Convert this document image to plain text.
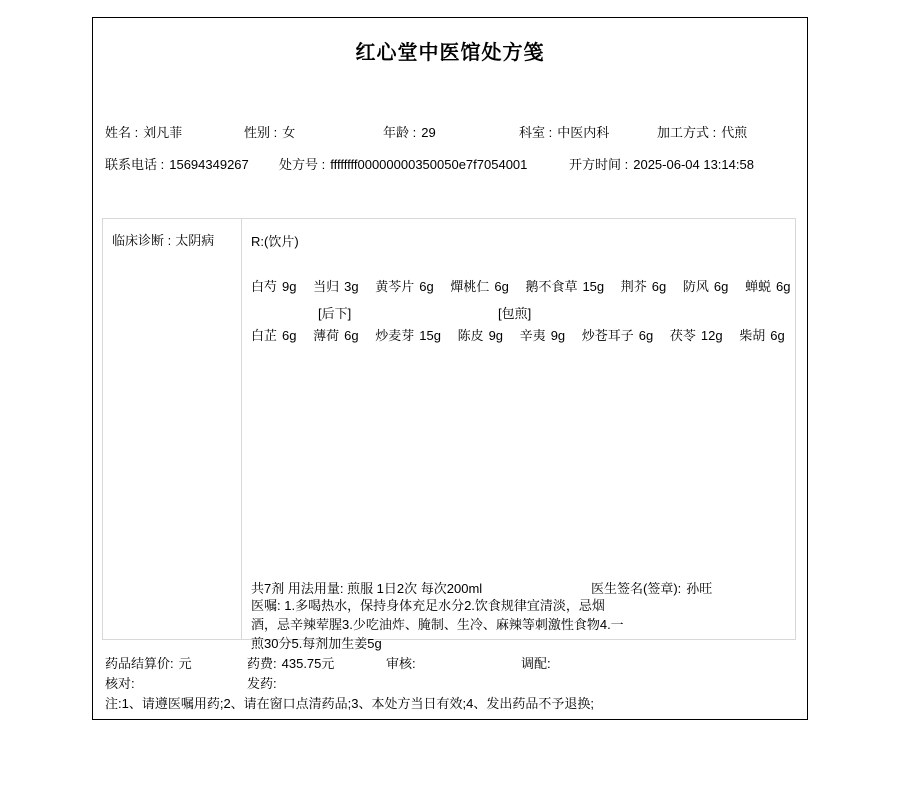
红心堂中医馆处方笺
姓名 : 刘凡菲	性别 : 女	年龄 : 29	科室 : 中医内科	加工方式 : 代煎
联系电话 : 15694349267 处方号 : ffffffff00000000350050e7f7054001	开方时间 : 2025-06-04 13:14:58
临床诊断 : 太阴病	R:(饮片)
白芍 9g 当归 3g 黄芩片 6g 燀桃仁 6g 鹅不食草 15g 荆芥 6g 防风 6g 蝉蜕 6g
[后下]	[包煎]
白芷 6g 薄荷 6g 炒麦芽 15g 陈皮 9g 辛夷 9g 炒苍耳子 6g 茯苓 12g 柴胡 6g
共7剂 用法用量: 煎服 1日2次 每次200ml	医生签名(签章): 孙旺
医嘱: 1.多喝热水，保持身体充足水分2.饮食规律宜清淡，忌烟
酒，忌辛辣荤腥3.少吃油炸、腌制、生冷、麻辣等刺激性食物4.一
煎30分5.每剂加生姜5g
药品结算价: 元	药费: 435.75元	审核:	调配:
核对:	发药:
注:1、请遵医嘱用药;2、请在窗口点清药品;3、本处方当日有效;4、发出药品不予退换;
